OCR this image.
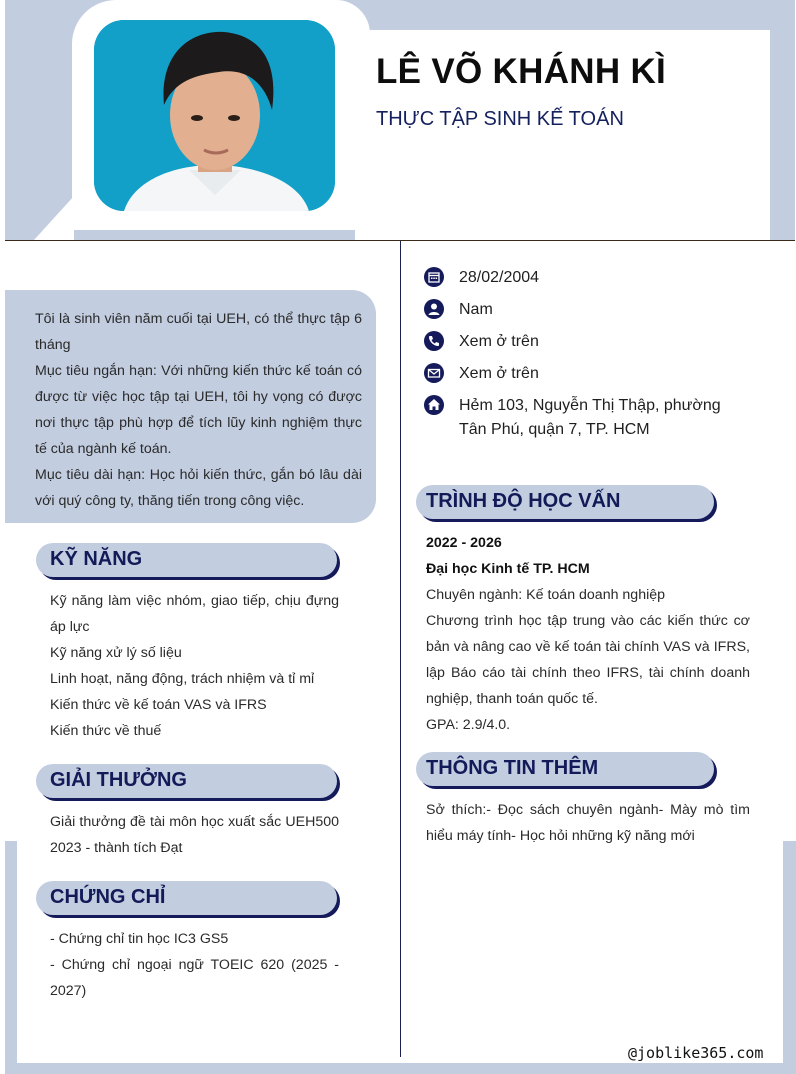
LÊ VÕ KHÁNH KÌ
THỰC TẬP SINH KẾ TOÁN

Tôi là sinh viên năm cuối tại UEH, có thể thực tập 6 tháng

Mục tiêu ngắn hạn: Với những kiến thức kế toán có được từ việc học tập tại UEH, tôi hy vọng có được nơi thực tập phù hợp để tích lũy kinh nghiệm thực tế của ngành kế toán.

Mục tiêu dài hạn: Học hỏi kiến thức, gắn bó lâu dài với quý công ty, thăng tiến trong công việc.

28/02/2004
Nam
Xem ở trên
Xem ở trên
Hẻm 103, Nguyễn Thị Thập, phường Tân Phú, quận 7, TP. HCM
KỸ NĂNG
Kỹ năng làm việc nhóm, giao tiếp, chịu đựng áp lực
Kỹ năng xử lý số liệu
Linh hoạt, năng động, trách nhiệm và tỉ mỉ
Kiến thức về kế toán VAS và IFRS
Kiến thức về thuế
GIẢI THƯỞNG
Giải thưởng đề tài môn học xuất sắc UEH500 2023 - thành tích Đạt
CHỨNG CHỈ
- Chứng chỉ tin học IC3 GS5
- Chứng chỉ ngoại ngữ TOEIC 620 (2025 - 2027)
TRÌNH ĐỘ HỌC VẤN
2022 - 2026
Đại học Kinh tế TP. HCM
Chuyên ngành: Kế toán doanh nghiệp
Chương trình học tập trung vào các kiến thức cơ bản và nâng cao về kế toán tài chính VAS và IFRS, lập Báo cáo tài chính theo IFRS, tài chính doanh nghiệp, thanh toán quốc tế.
GPA: 2.9/4.0.
THÔNG TIN THÊM
Sở thích:- Đọc sách chuyên ngành- Mày mò tìm hiểu máy tính- Học hỏi những kỹ năng mới
@joblike365.com
